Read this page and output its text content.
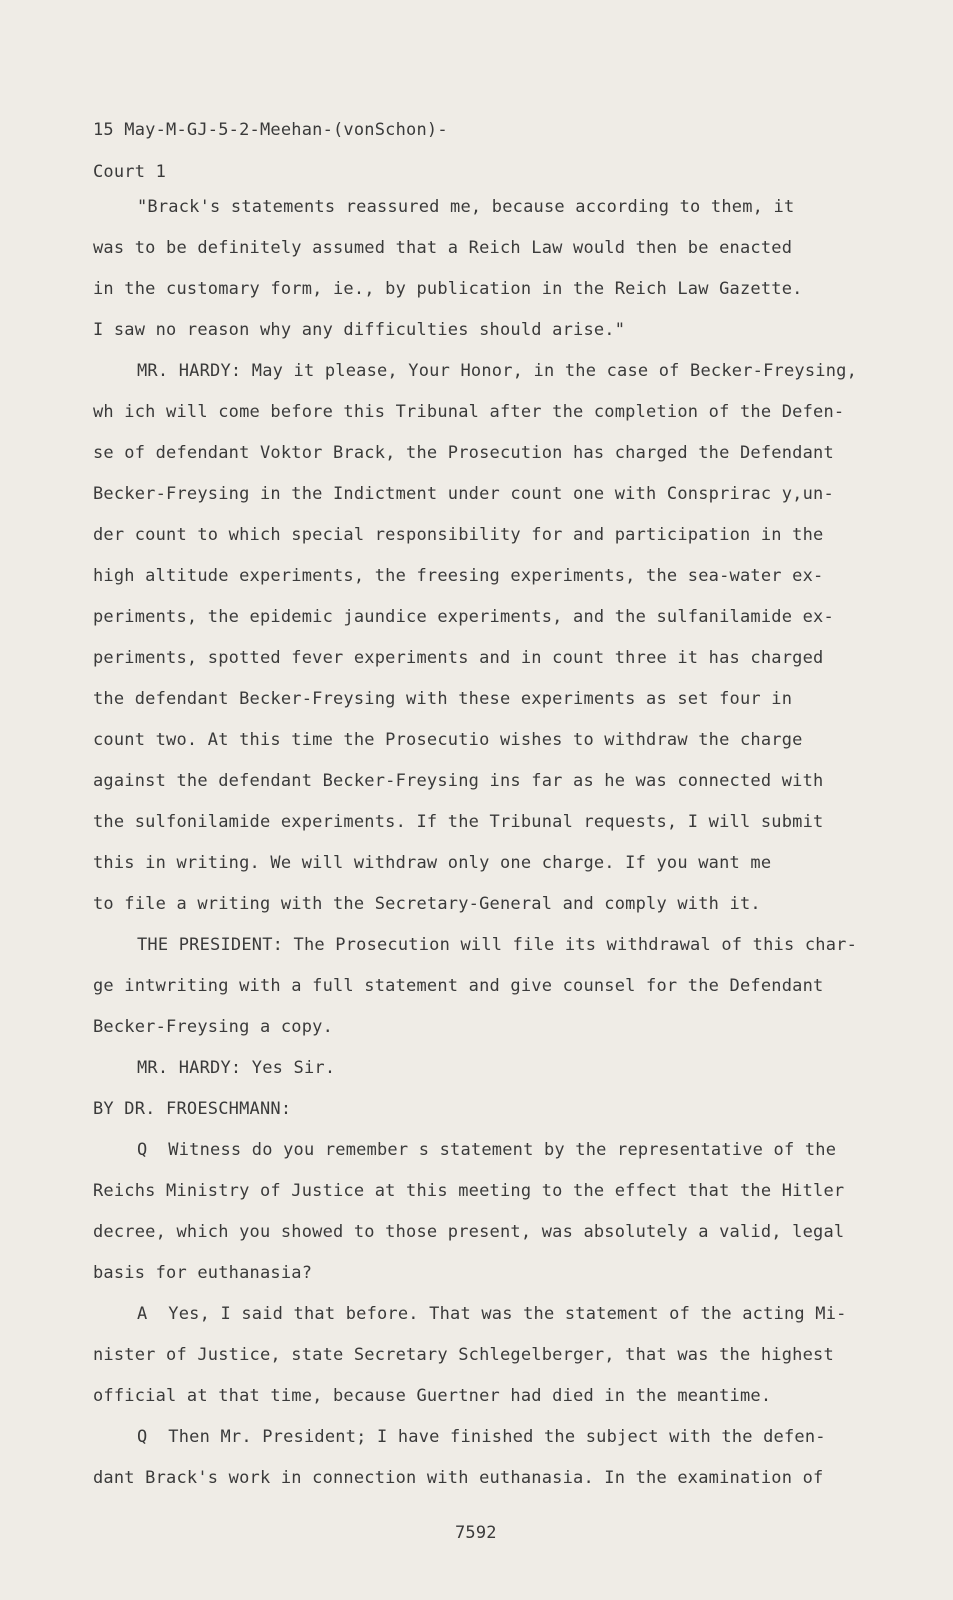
15 May-M-GJ-5-2-Meehan-(vonSchon)-

Court 1

"Brack's statements reassured me, because according to them, it

was to be definitely assumed that a Reich Law would then be enacted

in the customary form, ie., by publication in the Reich Law Gazette.

I saw no reason why any difficulties should arise."

MR. HARDY: May it please, Your Honor, in the case of Becker-Freysing,

wh ich will come before this Tribunal after the completion of the Defen-

se of defendant Voktor Brack, the Prosecution has charged the Defendant

Becker-Freysing in the Indictment under count one with Consprirac y,un-

der count to which special responsibility for and participation in the

high altitude experiments, the freesing experiments, the sea-water ex-

periments, the epidemic jaundice experiments, and the sulfanilamide ex-

periments, spotted fever experiments and in count three it has charged

the defendant Becker-Freysing with these experiments as set four in

count two. At this time the Prosecutio wishes to withdraw the charge

against the defendant Becker-Freysing ins far as he was connected with

the sulfonilamide experiments. If the Tribunal requests, I will submit

this in writing. We will withdraw only one charge. If you want me

to file a writing with the Secretary-General and comply with it.

THE PRESIDENT: The Prosecution will file its withdrawal of this char-

ge intwriting with a full statement and give counsel for the Defendant

Becker-Freysing a copy.

MR. HARDY: Yes Sir.

BY DR. FROESCHMANN:

Q  Witness do you remember s statement by the representative of the

Reichs Ministry of Justice at this meeting to the effect that the Hitler

decree, which you showed to those present, was absolutely a valid, legal

basis for euthanasia?

A  Yes, I said that before. That was the statement of the acting Mi-

nister of Justice, state Secretary Schlegelberger, that was the highest

official at that time, because Guertner had died in the meantime.

Q  Then Mr. President; I have finished the subject with the defen-

dant Brack's work in connection with euthanasia. In the examination of

7592
